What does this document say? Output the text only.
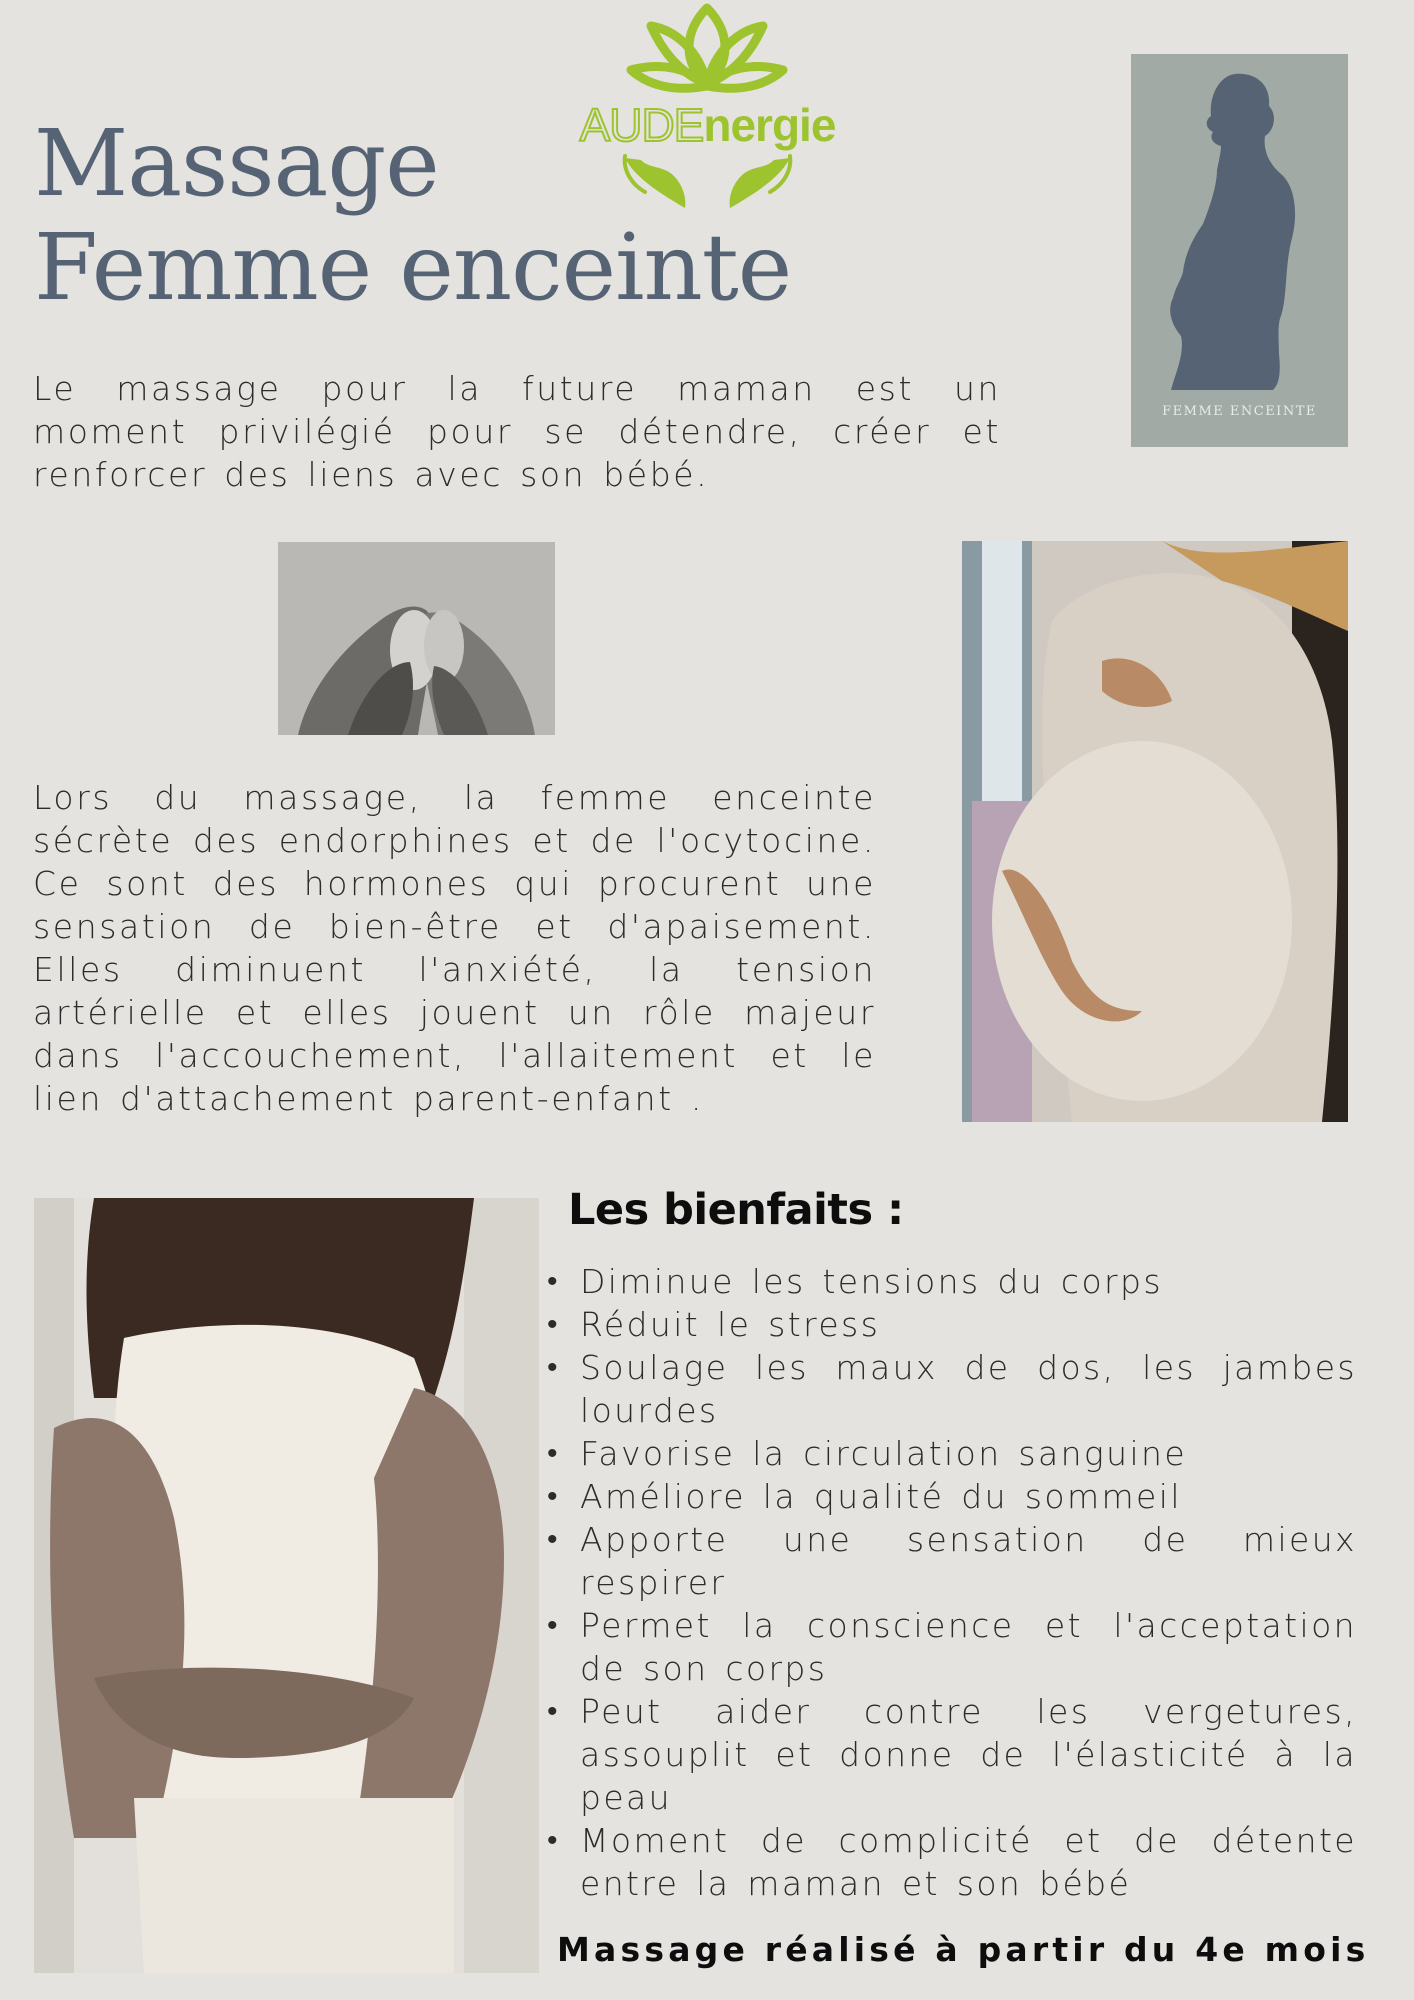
Massage
Femme enceinte
AUDEnergie

Le massage pour la future maman est un moment privilégié pour se détendre, créer et renforcer des liens avec son bébé.

FEMME ENCEINTE

Lors du massage, la femme enceinte sécrète des endorphines et de l'ocytocine. Ce sont des hormones qui procurent une sensation de bien-être et d'apaisement. Elles diminuent l'anxiété, la tension artérielle et elles jouent un rôle majeur dans l'accouchement, l'allaitement et le lien d'attachement parent-enfant .

Les bienfaits :
• Diminue les tensions du corps
• Réduit le stress
• Soulage les maux de dos, les jambes lourdes
• Favorise la circulation sanguine
• Améliore la qualité du sommeil
• Apporte une sensation de mieux respirer
• Permet la conscience et l'acceptation de son corps
• Peut aider contre les vergetures, assouplit et donne de l'élasticité à la peau
• Moment de complicité et de détente entre la maman et son bébé

Massage réalisé à partir du 4e mois
